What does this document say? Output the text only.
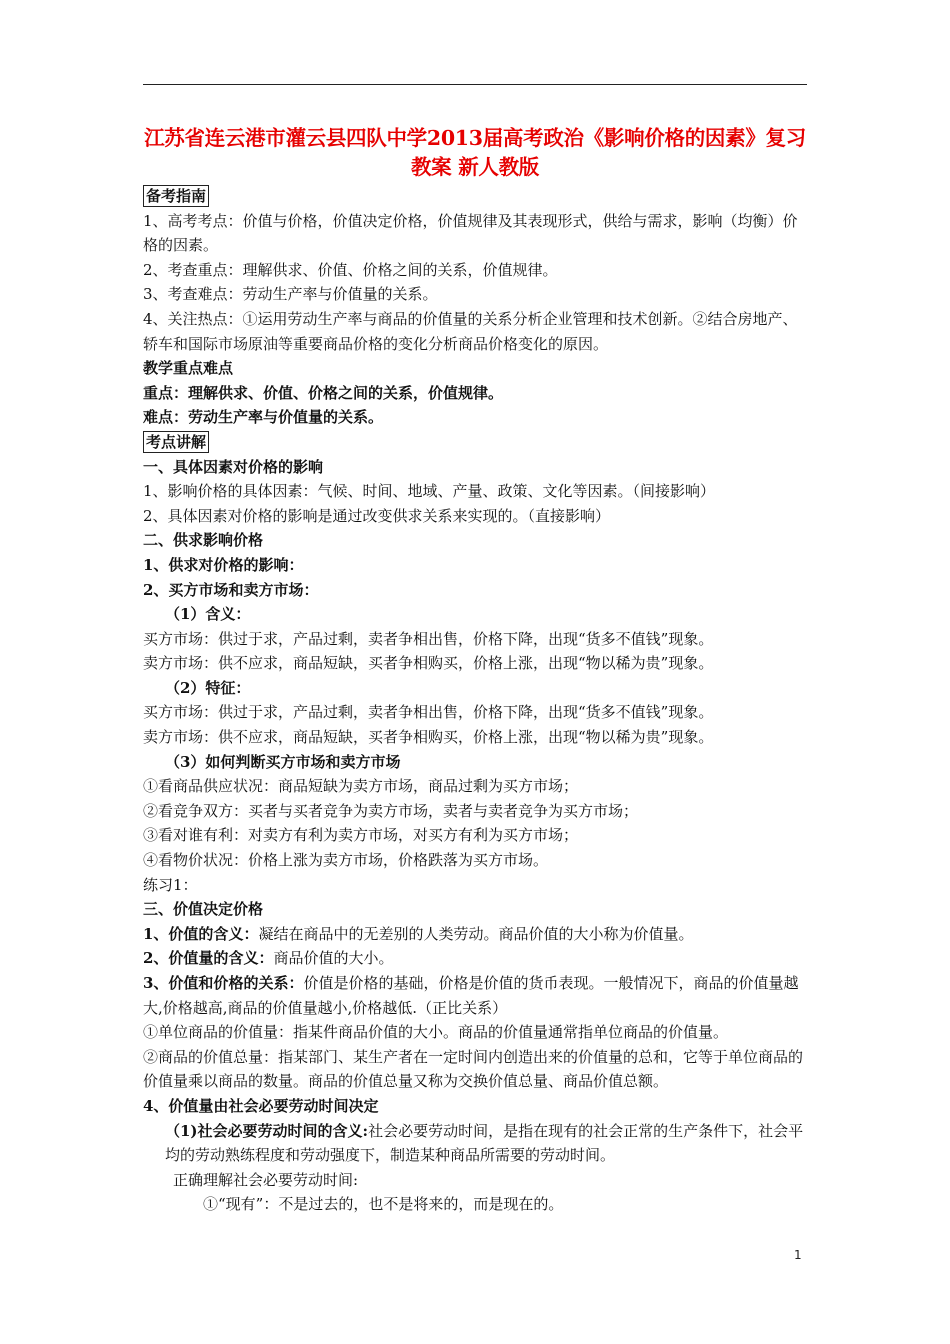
江苏省连云港市灌云县四队中学2013届高考政治《影响价格的因素》复习教案 新人教版
备考指南

1、高考考点：价值与价格，价值决定价格，价值规律及其表现形式，供给与需求，影响（均衡）价格的因素。

2、考查重点：理解供求、价值、价格之间的关系，价值规律。

3、考查难点：劳动生产率与价值量的关系。

4、关注热点：①运用劳动生产率与商品的价值量的关系分析企业管理和技术创新。②结合房地产、轿车和国际市场原油等重要商品价格的变化分析商品价格变化的原因。

教学重点难点

重点：理解供求、价值、价格之间的关系，价值规律。

难点：劳动生产率与价值量的关系。

考点讲解

一、具体因素对价格的影响

1、影响价格的具体因素：气候、时间、地域、产量、政策、文化等因素。（间接影响）

2、具体因素对价格的影响是通过改变供求关系来实现的。（直接影响）

二、供求影响价格

1、供求对价格的影响：

2、买方市场和卖方市场：

（1）含义：

买方市场：供过于求，产品过剩，卖者争相出售，价格下降，出现“货多不值钱”现象。

卖方市场：供不应求，商品短缺，买者争相购买，价格上涨，出现“物以稀为贵”现象。

（2）特征：

买方市场：供过于求，产品过剩，卖者争相出售，价格下降，出现“货多不值钱”现象。

卖方市场：供不应求，商品短缺，买者争相购买，价格上涨，出现“物以稀为贵”现象。

（3）如何判断买方市场和卖方市场

①看商品供应状况：商品短缺为卖方市场，商品过剩为买方市场；

②看竞争双方：买者与买者竞争为卖方市场，卖者与卖者竞争为买方市场；

③看对谁有利：对卖方有利为卖方市场，对买方有利为买方市场；

④看物价状况：价格上涨为卖方市场，价格跌落为买方市场。

练习1：

三、价值决定价格

1、价值的含义：凝结在商品中的无差别的人类劳动。商品价值的大小称为价值量。

2、价值量的含义：商品价值的大小。

3、价值和价格的关系：价值是价格的基础，价格是价值的货币表现。一般情况下，商品的价值量越大,价格越高,商品的价值量越小,价格越低.（正比关系）

①单位商品的价值量：指某件商品价值的大小。商品的价值量通常指单位商品的价值量。

②商品的价值总量：指某部门、某生产者在一定时间内创造出来的价值量的总和，它等于单位商品的价值量乘以商品的数量。商品的价值总量又称为交换价值总量、商品价值总额。

4、价值量由社会必要劳动时间决定

（1)社会必要劳动时间的含义:社会必要劳动时间，是指在现有的社会正常的生产条件下，社会平均的劳动熟练程度和劳动强度下，制造某种商品所需要的劳动时间。

正确理解社会必要劳动时间:

①“现有”：不是过去的，也不是将来的，而是现在的。

1
